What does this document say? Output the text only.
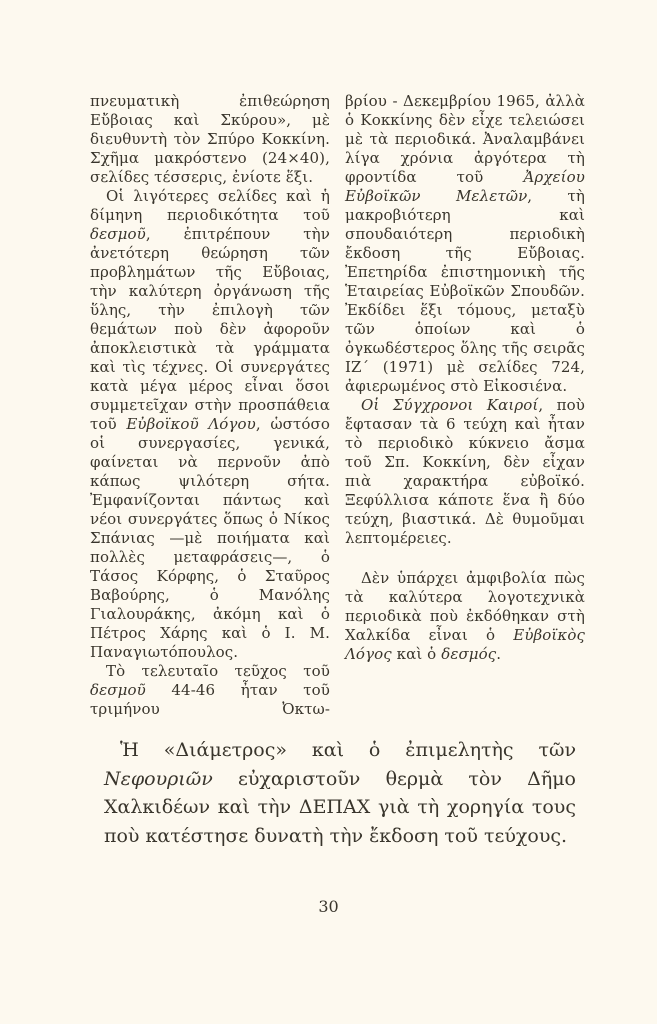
πνευματικὴ ἐπιθεώρηση Εὔβοιας καὶ Σκύρου», μὲ διευθυντὴ τὸν Σπύρο Κοκκίνη. Σχῆμα μακρόστενο (24×40), σελίδες τέσσερις, ἐνίοτε ἕξι.

Οἱ λιγότερες σελίδες καὶ ἡ δίμηνη περιοδικότητα τοῦ δεσμοῦ, ἐπιτρέπουν τὴν ἀνετότερη θεώρηση τῶν προβλημάτων τῆς Εὔβοιας, τὴν καλύτερη ὀργάνωση τῆς ὕλης, τὴν ἐπιλογὴ τῶν θεμάτων ποὺ δὲν ἀφοροῦν ἀποκλειστικὰ τὰ γράμματα καὶ τὶς τέχνες. Οἱ συνεργάτες κατὰ μέγα μέρος εἶναι ὅσοι συμμετεῖχαν στὴν προσπάθεια τοῦ Εὐβοϊκοῦ Λόγου, ὡστόσο οἱ συνεργασίες, γενικά, φαίνεται νὰ περνοῦν ἀπὸ κάπως ψιλότερη σήτα. Ἐμφανίζονται πάντως καὶ νέοι συνεργάτες ὅπως ὁ Νίκος Σπάνιας —μὲ ποιήματα καὶ πολλὲς μεταφράσεις—, ὁ Τάσος Κόρφης, ὁ Σταῦρος Βαβούρης, ὁ Μανόλης Γιαλουράκης, ἀκόμη καὶ ὁ Πέτρος Χάρης καὶ ὁ Ι. Μ. Παναγιωτόπουλος.

Τὸ τελευταῖο τεῦχος τοῦ δεσμοῦ 44-46 ἦταν τοῦ τριμήνου Ὀκτω-

βρίου - Δεκεμβρίου 1965, ἀλλὰ ὁ Κοκκίνης δὲν εἶχε τελειώσει μὲ τὰ περιοδικά. Ἀναλαμβάνει λίγα χρόνια ἀργότερα τὴ φροντίδα τοῦ Ἀρχείου Εὐβοϊκῶν Μελετῶν, τὴ μακροβιότερη καὶ σπουδαιότερη περιοδικὴ ἔκδοση τῆς Εὔβοιας. Ἐπετηρίδα ἐπιστημονικὴ τῆς Ἑταιρείας Εὐβοϊκῶν Σπουδῶν. Ἐκδίδει ἕξι τόμους, μεταξὺ τῶν ὁποίων καὶ ὁ ὀγκωδέστερος ὅλης τῆς σειρᾶς ΙΖ΄ (1971) μὲ σελίδες 724, ἀφιερωμένος στὸ Εἰκοσιένα.

Οἱ Σύγχρονοι Καιροί, ποὺ ἔφτασαν τὰ 6 τεύχη καὶ ἦταν τὸ περιοδικὸ κύκνειο ἄσμα τοῦ Σπ. Κοκκίνη, δὲν εἶχαν πιὰ χαρακτήρα εὐβοϊκό. Ξεφύλλισα κάποτε ἕνα ἢ δύο τεύχη, βιαστικά. Δὲ θυμοῦμαι λεπτομέρειες.

Δὲν ὑπάρχει ἀμφιβολία πὼς τὰ καλύτερα λογοτεχνικὰ περιοδικὰ ποὺ ἐκδόθηκαν στὴ Χαλκίδα εἶναι ὁ Εὐβοϊκὸς Λόγος καὶ ὁ δεσμός.

Ἡ «Διάμετρος» καὶ ὁ ἐπιμελητὴς τῶν Νεφουριῶν εὐχαριστοῦν θερμὰ τὸν Δῆμο Χαλκιδέων καὶ τὴν ΔΕΠΑΧ γιὰ τὴ χορηγία τους ποὺ κατέστησε δυνατὴ τὴν ἔκδοση τοῦ τεύχους.

30
